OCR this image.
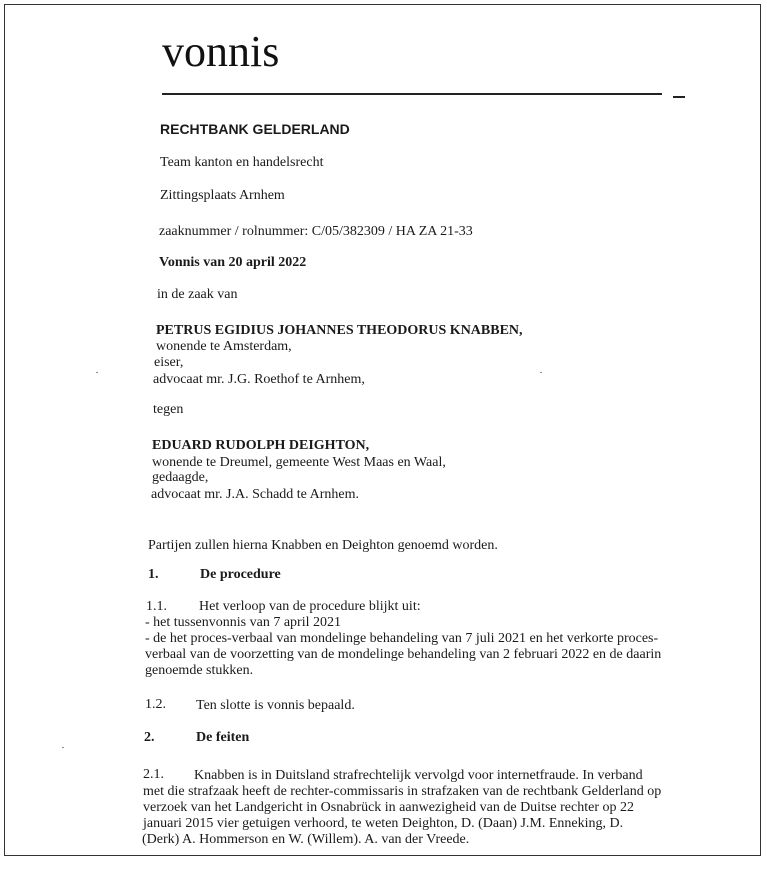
vonnis
RECHTBANK GELDERLAND
Team kanton en handelsrecht
Zittingsplaats Arnhem
zaaknummer / rolnummer: C/05/382309 / HA ZA 21-33
Vonnis van 20 april 2022
in de zaak van
PETRUS EGIDIUS JOHANNES THEODORUS KNABBEN,
wonende te Amsterdam,
eiser,
advocaat mr. J.G. Roethof te Arnhem,
tegen
EDUARD RUDOLPH DEIGHTON,
wonende te Dreumel, gemeente West Maas en Waal,
gedaagde,
advocaat mr. J.A. Schadd te Arnhem.
Partijen zullen hierna Knabben en Deighton genoemd worden.
1.	De procedure
1.1. Het verloop van de procedure blijkt uit:
- het tussenvonnis van 7 april 2021
- de het proces-verbaal van mondelinge behandeling van 7 juli 2021 en het verkorte proces-
verbaal van de voorzetting van de mondelinge behandeling van 2 februari 2022 en de daarin
genoemde stukken.
1.2. Ten slotte is vonnis bepaald.
2.	De feiten
2.1. Knabben is in Duitsland strafrechtelijk vervolgd voor internetfraude. In verband
met die strafzaak heeft de rechter-commissaris in strafzaken van de rechtbank Gelderland op
verzoek van het Landgericht in Osnabrück in aanwezigheid van de Duitse rechter op 22
januari 2015 vier getuigen verhoord, te weten Deighton, D. (Daan) J.M. Enneking, D.
(Derk) A. Hommerson en W. (Willem). A. van der Vreede.
